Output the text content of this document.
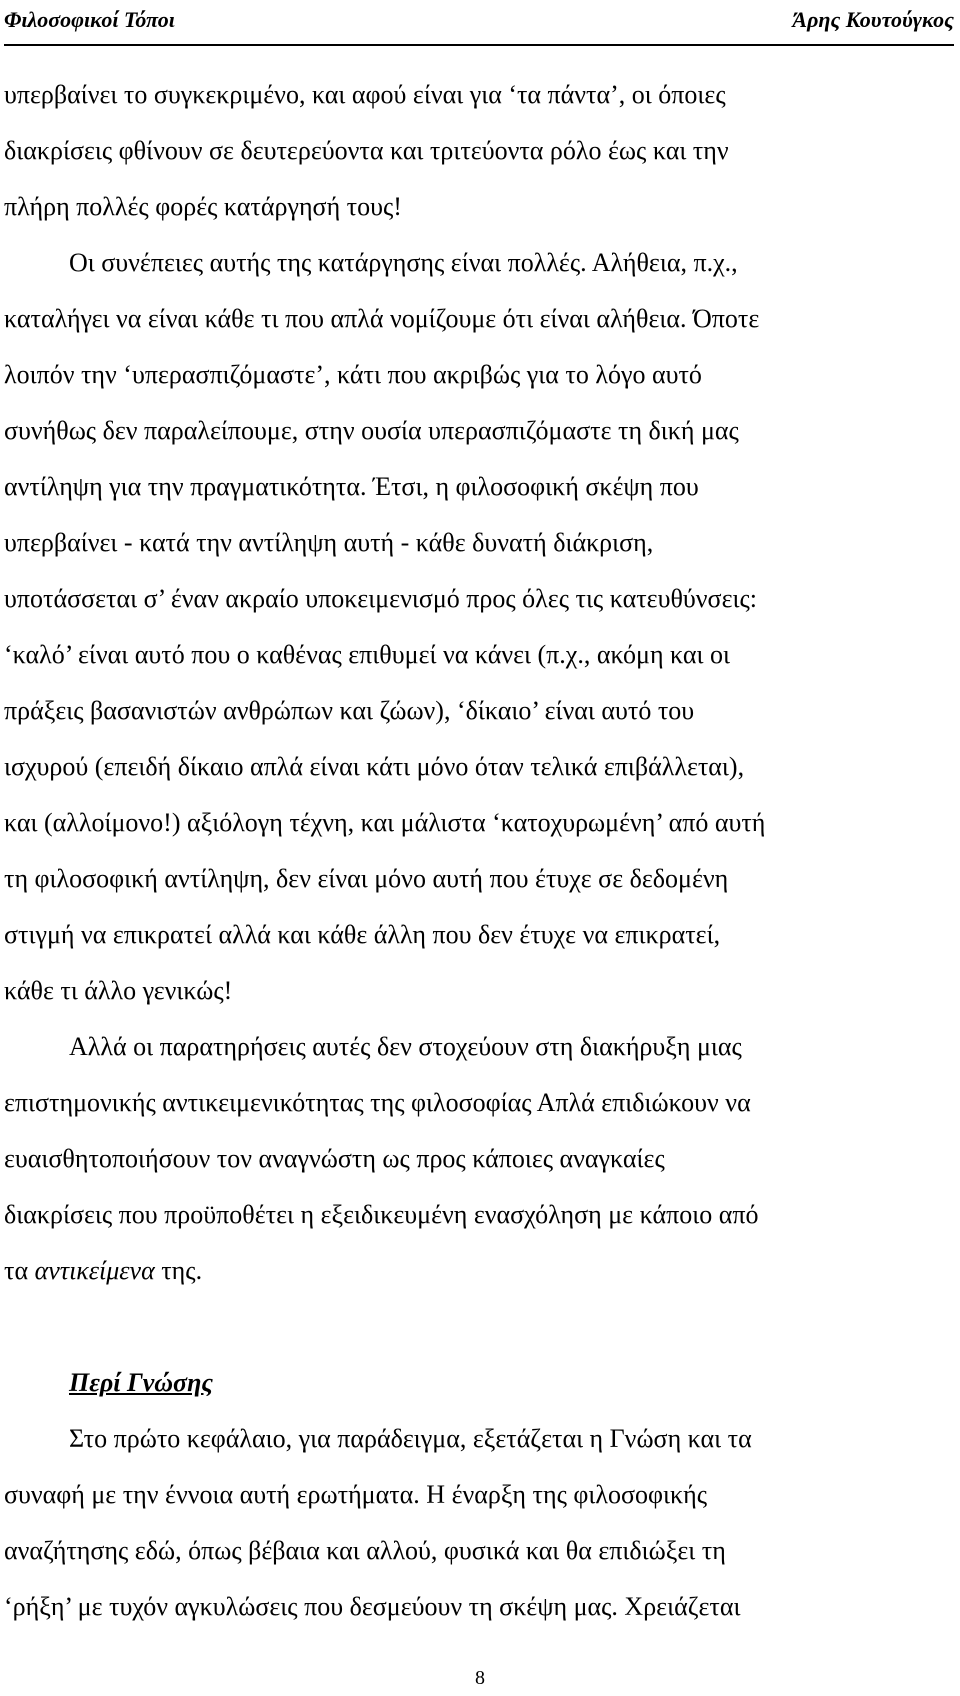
Φιλοσοφικοί Τόποι	Άρης Κουτούγκος
υπερβαίνει το συγκεκριμένο, και αφού είναι για ‘τα πάντα’, οι όποιες
διακρίσεις φθίνουν σε δευτερεύοντα και τριτεύοντα ρόλο έως και την
πλήρη πολλές φορές κατάργησή τους!
Οι συνέπειες αυτής της κατάργησης είναι πολλές. Αλήθεια, π.χ.,
καταλήγει να είναι κάθε τι που απλά νομίζουμε ότι είναι αλήθεια. Όποτε
λοιπόν την ‘υπερασπιζόμαστε’, κάτι που ακριβώς για το λόγο αυτό
συνήθως δεν παραλείπουμε, στην ουσία υπερασπιζόμαστε τη δική μας
αντίληψη για την πραγματικότητα. Έτσι, η φιλοσοφική σκέψη που
υπερβαίνει - κατά την αντίληψη αυτή - κάθε δυνατή διάκριση,
υποτάσσεται σ’ έναν ακραίο υποκειμενισμό προς όλες τις κατευθύνσεις:
‘καλό’ είναι αυτό που ο καθένας επιθυμεί να κάνει (π.χ., ακόμη και οι
πράξεις βασανιστών ανθρώπων και ζώων), ‘δίκαιο’ είναι αυτό του
ισχυρού (επειδή δίκαιο απλά είναι κάτι μόνο όταν τελικά επιβάλλεται),
και (αλλοίμονο!) αξιόλογη τέχνη, και μάλιστα ‘κατοχυρωμένη’ από αυτή
τη φιλοσοφική αντίληψη, δεν είναι μόνο αυτή που έτυχε σε δεδομένη
στιγμή να επικρατεί αλλά και κάθε άλλη που δεν έτυχε να επικρατεί,
κάθε τι άλλο γενικώς!
Αλλά οι παρατηρήσεις αυτές δεν στοχεύουν στη διακήρυξη μιας
επιστημονικής αντικειμενικότητας της φιλοσοφίας Απλά επιδιώκουν να
ευαισθητοποιήσουν τον αναγνώστη ως προς κάποιες αναγκαίες
διακρίσεις που προϋποθέτει η εξειδικευμένη ενασχόληση με κάποιο από
τα αντικείμενα της.
Περί Γνώσης
Στο πρώτο κεφάλαιο, για παράδειγμα, εξετάζεται η Γνώση και τα
συναφή με την έννοια αυτή ερωτήματα. Η έναρξη της φιλοσοφικής
αναζήτησης εδώ, όπως βέβαια και αλλού, φυσικά και θα επιδιώξει τη
‘ρήξη’ με τυχόν αγκυλώσεις που δεσμεύουν τη σκέψη μας. Χρειάζεται
8
